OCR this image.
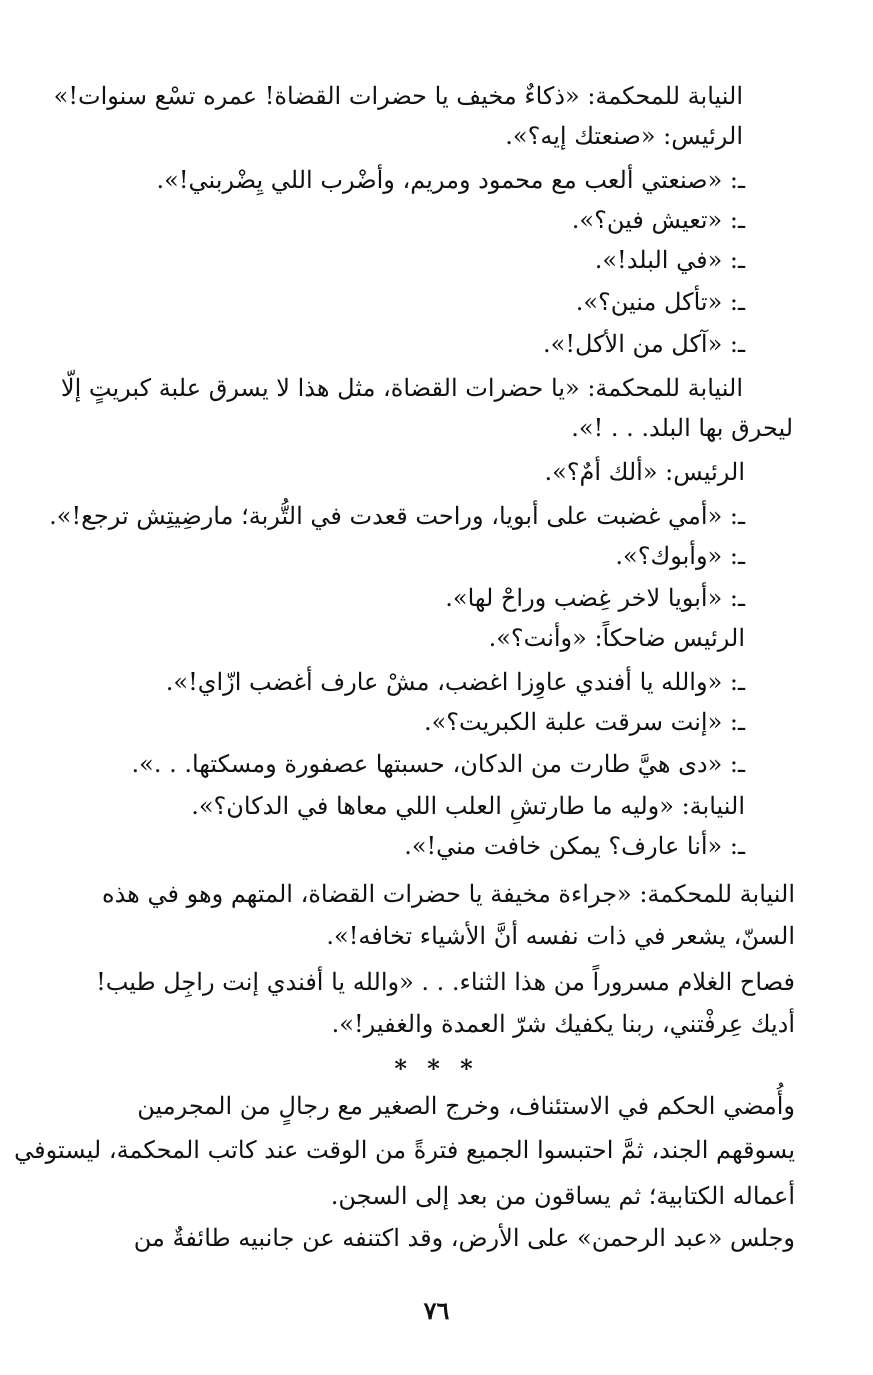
النيابة للمحكمة: «ذكاءٌ مخيف يا حضرات القضاة! عمره تسْع سنوات!»
الرئيس: «صنعتك إيه؟».
ـ: «صنعتي ألعب مع محمود ومريم، وأضْرب اللي يِضْربني!».
ـ: «تعيش فين؟».
ـ: «في البلد!».
ـ: «تأكل منين؟».
ـ: «آكل من الأكل!».
النيابة للمحكمة: «يا حضرات القضاة، مثل هذا لا يسرق علبة كبريتٍ إلّا
ليحرق بها البلد. . . !».
الرئيس: «ألك أمٌ؟».
ـ: «أمي غضبت على أبويا، وراحت قعدت في التُّربة؛ مارضِيتِش ترجع!».
ـ: «وأبوك؟».
ـ: «أبويا لاخر غِضب وراحْ لها».
الرئيس ضاحكاً: «وأنت؟».
ـ: «والله يا أفندي عاوِزا اغضب، مشْ عارف أغضب ازّاي!».
ـ: «إنت سرقت علبة الكبريت؟».
ـ: «دى هيَّ طارت من الدكان، حسبتها عصفورة ومسكتها. . .».
النيابة: «وليه ما طارتشِ العلب اللي معاها في الدكان؟».
ـ: «أنا عارف؟ يمكن خافت مني!».
النيابة للمحكمة: «جراءة مخيفة يا حضرات القضاة، المتهم وهو في هذه
السنّ، يشعر في ذات نفسه أنَّ الأشياء تخافه!».
فصاح الغلام مسروراً من هذا الثناء. . . «والله يا أفندي إنت راجِل طيب!
أديك عِرفْتني، ربنا يكفيك شرّ العمدة والغفير!».
* * *
وأُمضي الحكم في الاستئناف، وخرج الصغير مع رجالٍ من المجرمين
يسوقهم الجند، ثمَّ احتبسوا الجميع فترةً من الوقت عند كاتب المحكمة، ليستوفي
أعماله الكتابية؛ ثم يساقون من بعد إلى السجن.
وجلس «عبد الرحمن» على الأرض، وقد اكتنفه عن جانبيه طائفةٌ من
٧٦
